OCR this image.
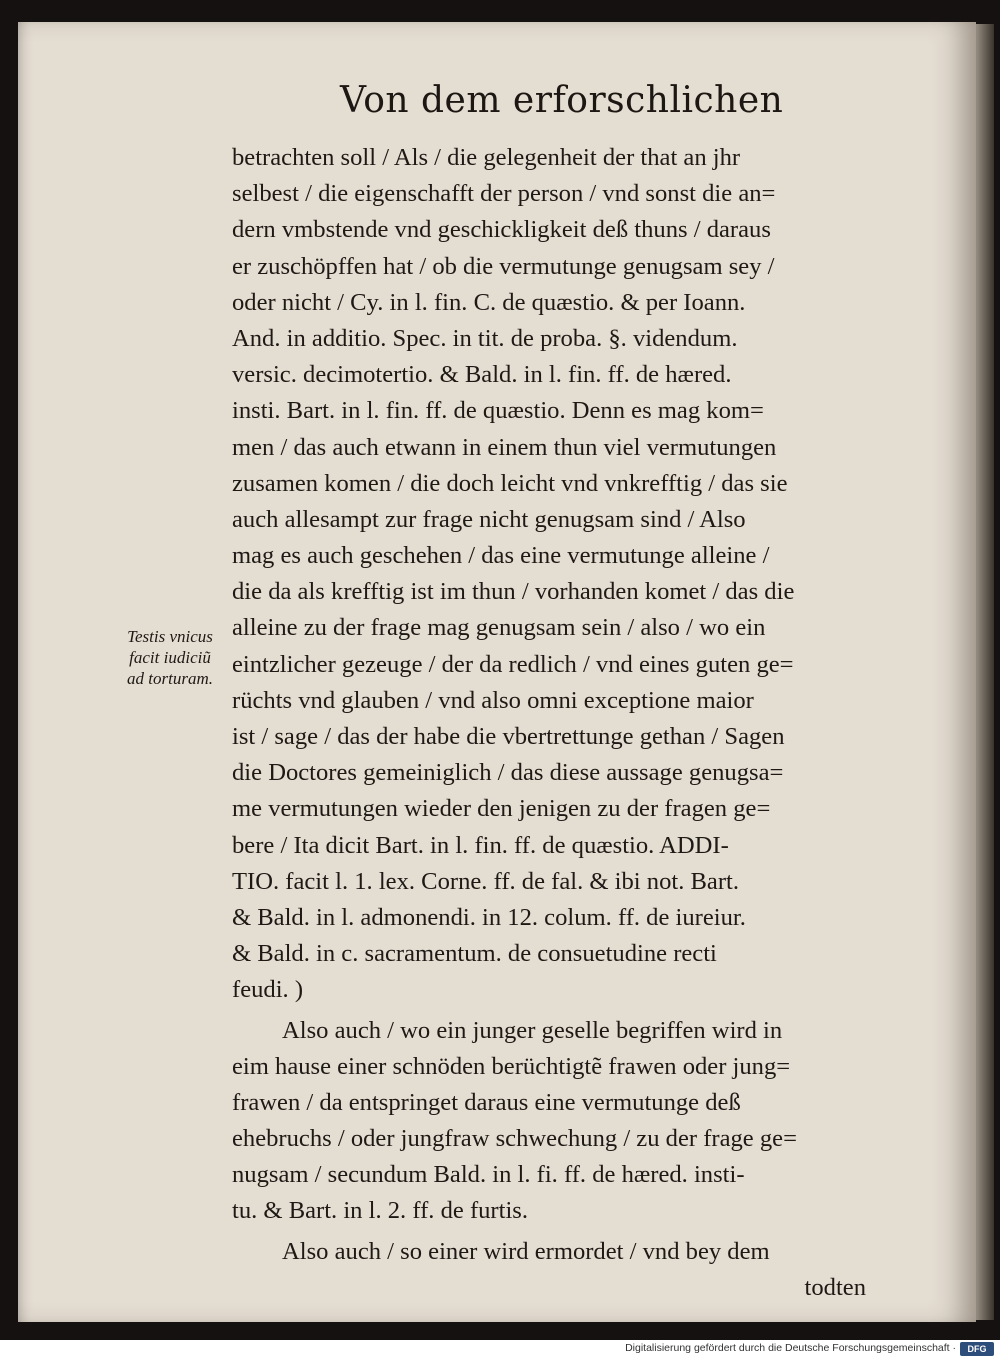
Von dem erforschlichen
Testis vnicus
facit iudiciũ
ad torturam.
betrachten soll / Als / die gelegenheit der that an jhr
selbest / die eigenschafft der person / vnd sonst die an=
dern vmbstende vnd geschickligkeit deß thuns / daraus
er zuschöpffen hat / ob die vermutunge genugsam sey /
oder nicht / Cy. in l. fin. C. de quæstio. & per Ioann.
And. in additio. Spec. in tit. de proba. §. videndum.
versic. decimotertio. & Bald. in l. fin. ff. de hæred.
insti. Bart. in l. fin. ff. de quæstio. Denn es mag kom=
men / das auch etwann in einem thun viel vermutungen
zusamen komen / die doch leicht vnd vnkrefftig / das sie
auch allesampt zur frage nicht genugsam sind / Also
mag es auch geschehen / das eine vermutunge alleine /
die da als krefftig ist im thun / vorhanden komet / das die
alleine zu der frage mag genugsam sein / also / wo ein
eintzlicher gezeuge / der da redlich / vnd eines guten ge=
rüchts vnd glauben / vnd also omni exceptione maior
ist / sage / das der habe die vbertrettunge gethan / Sagen
die Doctores gemeiniglich / das diese aussage genugsa=
me vermutungen wieder den jenigen zu der fragen ge=
bere / Ita dicit Bart. in l. fin. ff. de quæstio. ADDI-
TIO. facit l. 1. lex. Corne. ff. de fal. & ibi not. Bart.
& Bald. in l. admonendi. in 12. colum. ff. de iureiur.
& Bald. in c. sacramentum. de consuetudine recti
feudi. )
Also auch / wo ein junger geselle begriffen wird in
eim hause einer schnöden berüchtigtẽ frawen oder jung=
frawen / da entspringet daraus eine vermutunge deß
ehebruchs / oder jungfraw schwechung / zu der frage ge=
nugsam / secundum Bald. in l. fi. ff. de hæred. insti-
tu. & Bart. in l. 2. ff. de furtis.
Also auch / so einer wird ermordet / vnd bey dem
todten
Digitalisierung gefördert durch die Deutsche Forschungsgemeinschaft ·	DFG
